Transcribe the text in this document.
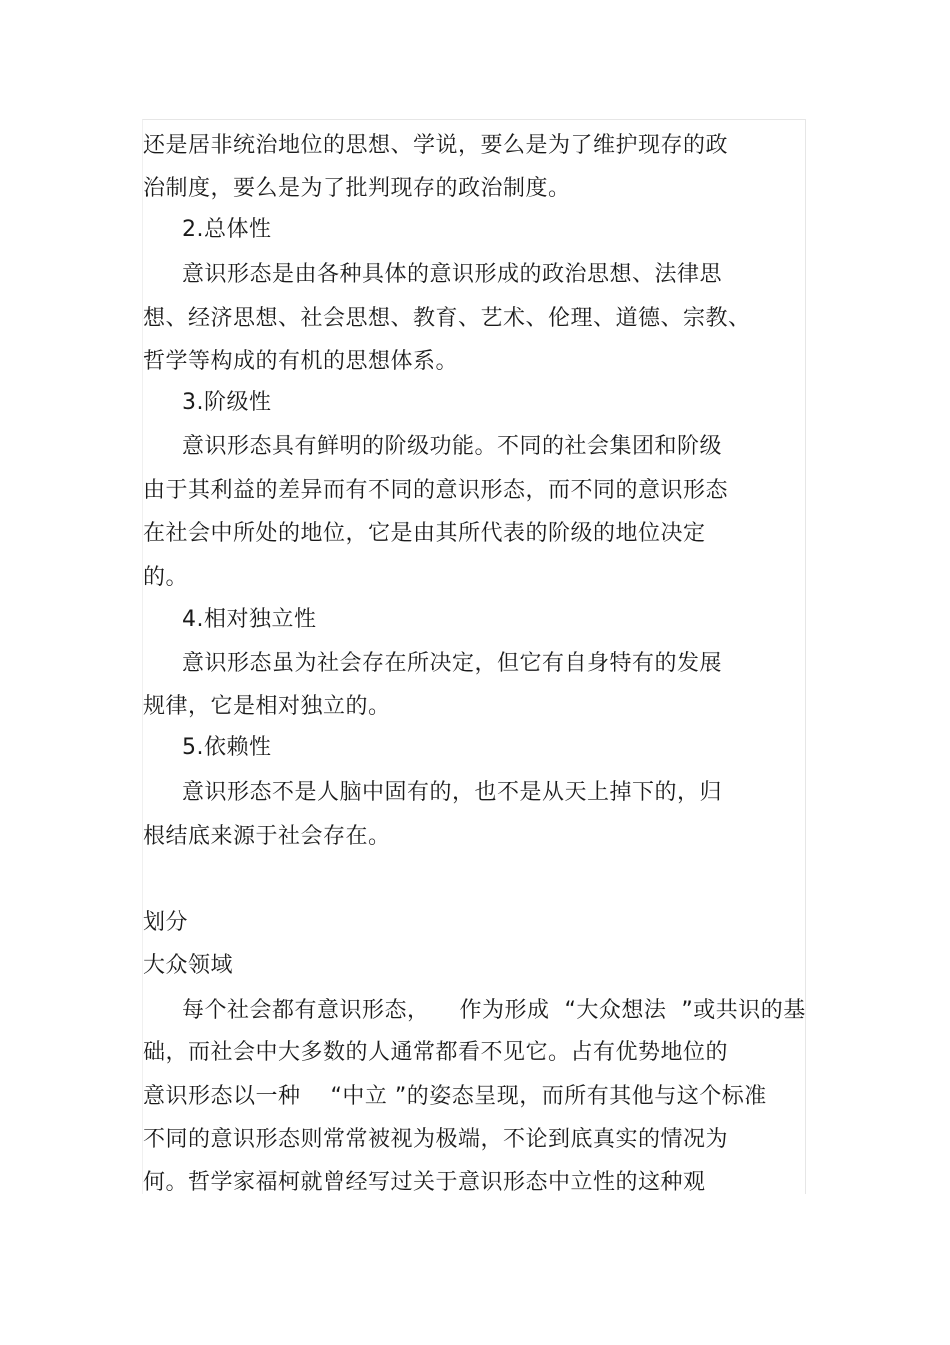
还是居非统治地位的思想、学说，要么是为了维护现存的政
治制度，要么是为了批判现存的政治制度。
2.总体性
意识形态是由各种具体的意识形成的政治思想、法律思
想、经济思想、社会思想、教育、艺术、伦理、道德、宗教、
哲学等构成的有机的思想体系。
3.阶级性
意识形态具有鲜明的阶级功能。不同的社会集团和阶级
由于其利益的差异而有不同的意识形态，而不同的意识形态
在社会中所处的地位，它是由其所代表的阶级的地位决定
的。
4.相对独立性
意识形态虽为社会存在所决定，但它有自身特有的发展
规律，它是相对独立的。
5.依赖性
意识形态不是人脑中固有的，也不是从天上掉下的，归
根结底来源于社会存在。
划分
大众领域
每个社会都有意识形态，    作为形成  “大众想法  ”或共识的基
础，而社会中大多数的人通常都看不见它。占有优势地位的
意识形态以一种    “中立 ”的姿态呈现，而所有其他与这个标准
不同的意识形态则常常被视为极端，不论到底真实的情况为
何。哲学家福柯就曾经写过关于意识形态中立性的这种观
